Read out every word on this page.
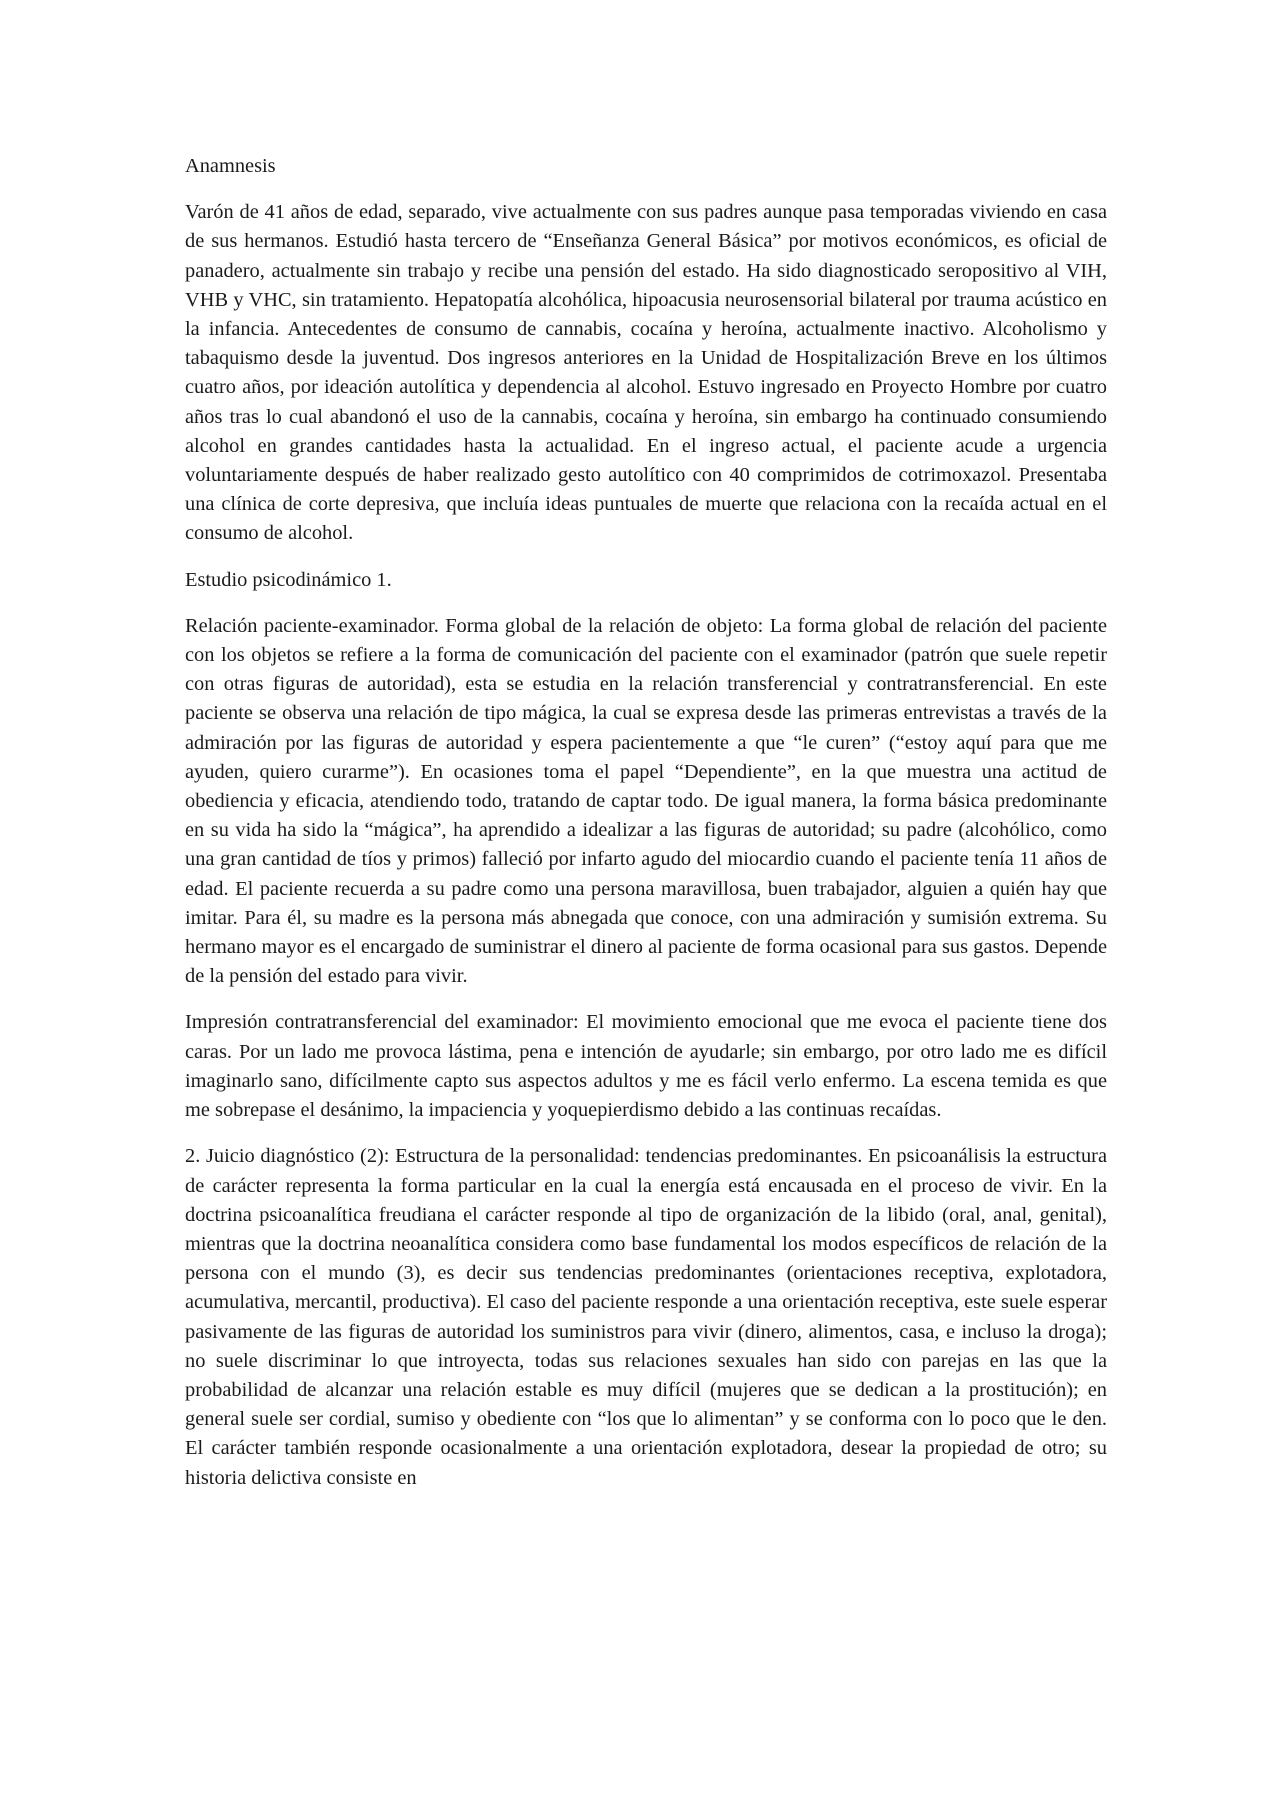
Anamnesis

Varón de 41 años de edad, separado, vive actualmente con sus padres aunque pasa temporadas viviendo en casa de sus hermanos. Estudió hasta tercero de “Enseñanza General Básica” por motivos económicos, es oficial de panadero, actualmente sin trabajo y recibe una pensión del estado. Ha sido diagnosticado seropositivo al VIH, VHB y VHC, sin tratamiento. Hepatopatía alcohólica, hipoacusia neurosensorial bilateral por trauma acústico en la infancia. Antecedentes de consumo de cannabis, cocaína y heroína, actualmente inactivo. Alcoholismo y tabaquismo desde la juventud. Dos ingresos anteriores en la Unidad de Hospitalización Breve en los últimos cuatro años, por ideación autolítica y dependencia al alcohol. Estuvo ingresado en Proyecto Hombre por cuatro años tras lo cual abandonó el uso de la cannabis, cocaína y heroína, sin embargo ha continuado consumiendo alcohol en grandes cantidades hasta la actualidad. En el ingreso actual, el paciente acude a urgencia voluntariamente después de haber realizado gesto autolítico con 40 comprimidos de cotrimoxazol. Presentaba una clínica de corte depresiva, que incluía ideas puntuales de muerte que relaciona con la recaída actual en el consumo de alcohol.

Estudio psicodinámico 1.

Relación paciente-examinador. Forma global de la relación de objeto: La forma global de relación del paciente con los objetos se refiere a la forma de comunicación del paciente con el examinador (patrón que suele repetir con otras figuras de autoridad), esta se estudia en la relación transferencial y contratransferencial. En este paciente se observa una relación de tipo mágica, la cual se expresa desde las primeras entrevistas a través de la admiración por las figuras de autoridad y espera pacientemente a que “le curen” (“estoy aquí para que me ayuden, quiero curarme”). En ocasiones toma el papel “Dependiente”, en la que muestra una actitud de obediencia y eficacia, atendiendo todo, tratando de captar todo. De igual manera, la forma básica predominante en su vida ha sido la “mágica”, ha aprendido a idealizar a las figuras de autoridad; su padre (alcohólico, como una gran cantidad de tíos y primos) falleció por infarto agudo del miocardio cuando el paciente tenía 11 años de edad. El paciente recuerda a su padre como una persona maravillosa, buen trabajador, alguien a quién hay que imitar. Para él, su madre es la persona más abnegada que conoce, con una admiración y sumisión extrema. Su hermano mayor es el encargado de suministrar el dinero al paciente de forma ocasional para sus gastos. Depende de la pensión del estado para vivir.

Impresión contratransferencial del examinador: El movimiento emocional que me evoca el paciente tiene dos caras. Por un lado me provoca lástima, pena e intención de ayudarle; sin embargo, por otro lado me es difícil imaginarlo sano, difícilmente capto sus aspectos adultos y me es fácil verlo enfermo. La escena temida es que me sobrepase el desánimo, la impaciencia y yoquepierdismo debido a las continuas recaídas.

2. Juicio diagnóstico (2): Estructura de la personalidad: tendencias predominantes. En psicoanálisis la estructura de carácter representa la forma particular en la cual la energía está encausada en el proceso de vivir. En la doctrina psicoanalítica freudiana el carácter responde al tipo de organización de la libido (oral, anal, genital), mientras que la doctrina neoanalítica considera como base fundamental los modos específicos de relación de la persona con el mundo (3), es decir sus tendencias predominantes (orientaciones receptiva, explotadora, acumulativa, mercantil, productiva). El caso del paciente responde a una orientación receptiva, este suele esperar pasivamente de las figuras de autoridad los suministros para vivir (dinero, alimentos, casa, e incluso la droga); no suele discriminar lo que introyecta, todas sus relaciones sexuales han sido con parejas en las que la probabilidad de alcanzar una relación estable es muy difícil (mujeres que se dedican a la prostitución); en general suele ser cordial, sumiso y obediente con “los que lo alimentan” y se conforma con lo poco que le den. El carácter también responde ocasionalmente a una orientación explotadora, desear la propiedad de otro; su historia delictiva consiste en
